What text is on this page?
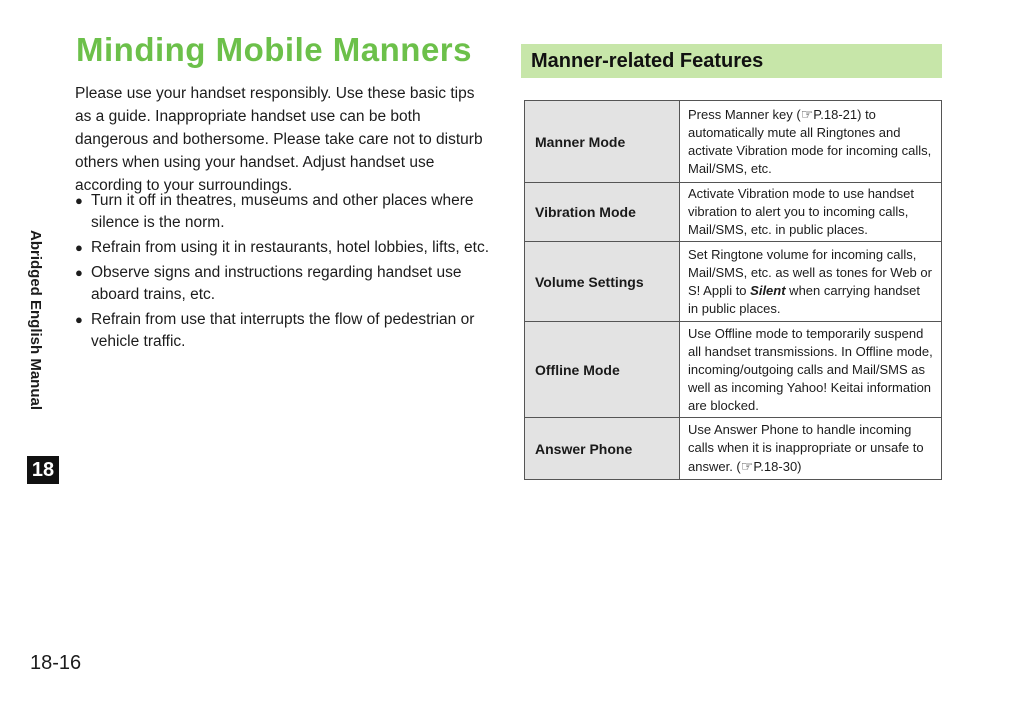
Minding Mobile Manners

Please use your handset responsibly. Use these basic tips as a guide. Inappropriate handset use can be both dangerous and bothersome. Please take care not to disturb others when using your handset. Adjust handset use according to your surroundings.

● Turn it off in theatres, museums and other places where silence is the norm.
● Refrain from using it in restaurants, hotel lobbies, lifts, etc.
● Observe signs and instructions regarding handset use aboard trains, etc.
● Refrain from use that interrupts the flow of pedestrian or vehicle traffic.
Abridged English Manual
18
18-16
Manner-related Features
Manner Mode	Press Manner key (☞P.18-21) to automatically mute all Ringtones and activate Vibration mode for incoming calls, Mail/SMS, etc.
Vibration Mode	Activate Vibration mode to use handset vibration to alert you to incoming calls, Mail/SMS, etc. in public places.
Volume Settings	Set Ringtone volume for incoming calls, Mail/SMS, etc. as well as tones for Web or S! Appli to Silent when carrying handset in public places.
Offline Mode	Use Offline mode to temporarily suspend all handset transmissions. In Offline mode, incoming/outgoing calls and Mail/SMS as well as incoming Yahoo! Keitai information are blocked.
Answer Phone	Use Answer Phone to handle incoming calls when it is inappropriate or unsafe to answer. (☞P.18-30)
